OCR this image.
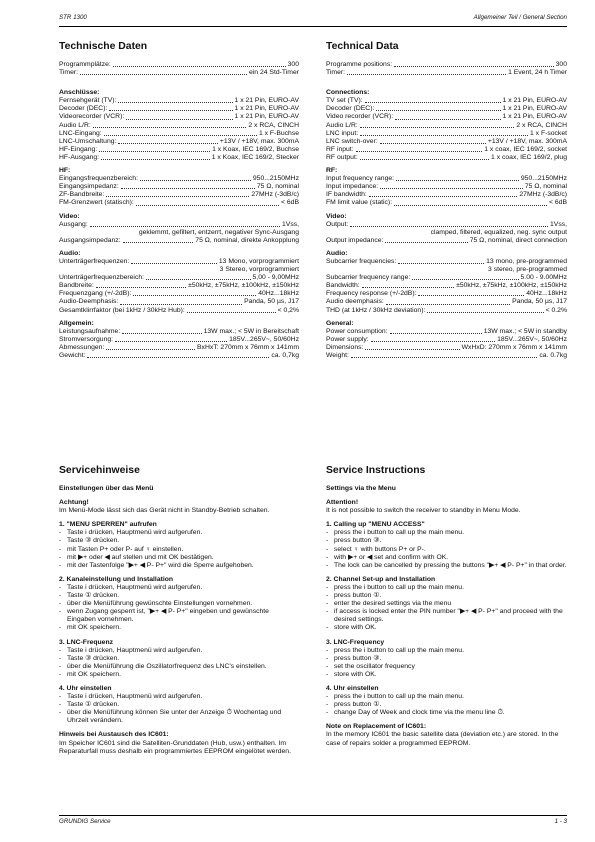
STR 1300	Allgemeiner Teil / General Section
Technische Daten
Programmplätze:	300
Timer:	ein 24 Std-Timer
Anschlüsse:
Fernsehgerät (TV):	1 x 21 Pin, EURO-AV
Decoder (DEC):	1 x 21 Pin, EURO-AV
Videorecorder (VCR):	1 x 21 Pin, EURO-AV
Audio L/R:	2 x RCA, CINCH
LNC-Eingang:	1 x F-Buchse
LNC-Umschaltung:	+13V / +18V, max. 300mA
HF-Eingang:	1 x Koax, IEC 169/2, Buchse
HF-Ausgang:	1 x Koax, IEC 169/2, Stecker
HF:
Eingangsfrequenzbereich:	950...2150MHz
Eingangsimpedanz:	75 Ω, nominal
ZF-Bandbreite:	27MHz (-3dB/c)
FM-Grenzwert (statisch):	< 6dB
Video:
Ausgang:	1Vss,
geklemmt, gefiltert, entzerrt, negativer Sync-Ausgang
Ausgangsimpedanz:	75 Ω, nominal, direkte Ankopplung
Audio:
Unterträgerfrequenzen:	13 Mono, vorprogrammiert
3 Stereo, vorprogrammiert
Unterträgerfrequenzbereich:	5,00 - 9,00MHz
Bandbreite:	±50kHz, ±75kHz, ±100kHz, ±150kHz
Frequenzgang (+/-2dB):	40Hz...18kHz
Audio-Deemphasis:	Panda, 50 µs, J17
Gesamtklirrfaktor (bei 1kHz / 30kHz Hub):	< 0,2%
Allgemein:
Leistungsaufnahme:	13W max.; < 5W in Bereitschaft
Stromversorgung:	185V...265V~, 50/60Hz
Abmessungen:	BxHxT: 270mm x 76mm x 141mm
Gewicht:	ca. 0,7kg
Technical Data
Programme positions:	300
Timer:	1 Event, 24 h Timer
Connections:
TV set (TV):	1 x 21 Pin, EURO-AV
Decoder (DEC):	1 x 21 Pin, EURO-AV
Video recorder (VCR):	1 x 21 Pin, EURO-AV
Audio L/R:	2 x RCA, CINCH
LNC input:	1 x F-socket
LNC switch-over:	+13V / +18V, max. 300mA
RF input:	1 x coax, IEC 169/2, socket
RF output:	1 x coax, IEC 169/2, plug
RF:
Input frequency range:	950...2150MHz
Input impedance:	75 Ω, nominal
IF bandwidth:	27MHz (-3dB/c)
FM limit value (static):	< 6dB
Video:
Output:	1Vss,
clamped, filtered, equalized, neg. sync output
Output impedance:	75 Ω, nominal, direct connection
Audio:
Subcarrier frequencies:	13 mono, pre-programmed
3 stereo, pre-programmed
Subcarrier frequency range:	5.00 - 9.00MHz
Bandwidth:	±50kHz, ±75kHz, ±100kHz, ±150kHz
Frequency response (+/-2dB):	40Hz...18kHz
Audio deemphasis:	Panda, 50 µs, J17
THD (at 1kHz / 30kHz deviation):	< 0.2%
General:
Power consumption:	13W max.; < 5W in standby
Power supply:	185V...265V~, 50/60Hz
Dimensions:	WxHxD: 270mm x 76mm x 141mm
Weight:	ca. 0.7kg
Servicehinweise
Einstellungen über das Menü
Achtung!
Im Menü-Mode lässt sich das Gerät nicht in Standby-Betrieb schalten.
1. "MENU SPERREN" aufrufen
- Taste i drücken, Hauptmenü wird aufgerufen.
- Taste ③ drücken.
- mit Tasten P+ oder P- auf ♀ einstellen.
- mit ▶+ oder ◀ auf stellen und mit OK bestätigen.
- mit der Tastenfolge "▶+ ◀ P- P+" wird die Sperre aufgehoben.
2. Kanaleinstellung und Installation
- Taste i drücken, Hauptmenü wird aufgerufen.
- Taste ① drücken.
- über die Menüführung gewünschte Einstellungen vornehmen.
- wenn Zugang gesperrt ist, "▶+ ◀ P- P+" eingeben und gewünschte Eingaben vornehmen.
- mit OK speichern.
3. LNC-Frequenz
- Taste i drücken, Hauptmenü wird aufgerufen.
- Taste ③ drücken.
- über die Menüführung die Oszillatorfrequenz des LNC's einstellen.
- mit OK speichern.
4. Uhr einstellen
- Taste i drücken, Hauptmenü wird aufgerufen.
- Taste ① drücken.
- über die Menüführung können Sie unter der Anzeige ⏱ Wochentag und Uhrzeit verändern.
Hinweis bei Austausch des IC601:
Im Speicher IC601 sind die Satelliten-Grunddaten (Hub, usw.) enthalten. Im Reparaturfall muss deshalb ein programmiertes EEPROM eingelötet werden.
Service Instructions
Settings via the Menu
Attention!
It is not possible to switch the receiver to standby in Menu Mode.
1. Calling up "MENU ACCESS"
- press the i button to call up the main menu.
- press button ③.
- select ♀ with buttons P+ or P-.
- with ▶+ or ◀ set and confirm with OK.
- The lock can be cancelled by pressing the buttons "▶+ ◀ P- P+" in that order.
2. Channel Set-up and Installation
- press the i button to call up the main menu.
- press button ①.
- enter the desired settings via the menu
- if access is locked enter the PIN number "▶+ ◀ P- P+" and proceed with the desired settings.
- store with OK.
3. LNC-Frequency
- press the i button to call up the main menu.
- press button ③.
- set the oscillator frequency
- store with OK.
4. Uhr einstellen
- press the i button to call up the main menu.
- press button ①.
- change Day of Week and clock time via the menu line ⏱.
Note on Replacement of IC601:
In the memory IC601 the basic satellite data (deviation etc.) are stored. In the case of repairs solder a programmed EEPROM.
GRUNDIG Service	1 - 3
